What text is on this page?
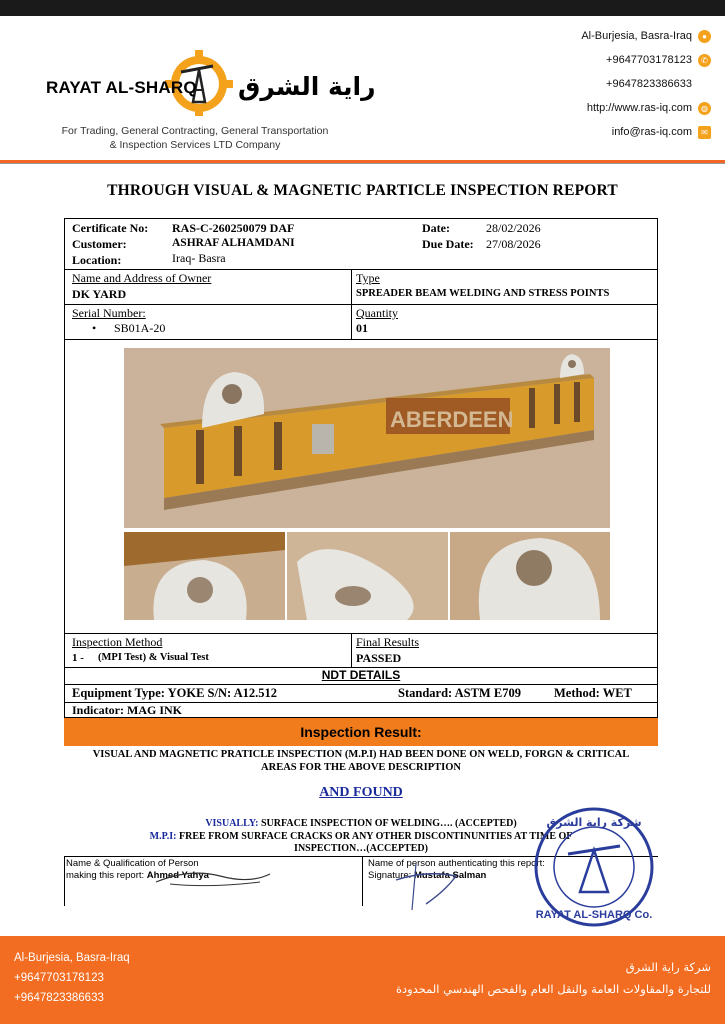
RAYAT AL-SHARQ راية الشرق
For Trading, General Contracting, General Transportation
& Inspection Services LTD Company
Al-Burjesia, Basra-Iraq	●
+9647703178123	✆
+9647823386633
http://www.ras-iq.com	◍
info@ras-iq.com	✉
THROUGH VISUAL & MAGNETIC PARTICLE INSPECTION REPORT
Certificate No: RAS-C-260250079 DAF
Customer:	ASHRAF ALHAMDANI
Location:	Iraq- Basra
Date:	28/02/2026
Due Date: 27/08/2026
Name and Address of Owner
DK YARD
Type
SPREADER BEAM WELDING AND STRESS POINTS
Serial Number:
• SB01A-20
Quantity
01
ABERDEEN
Inspection Method
1 - (MPI Test) & Visual Test
Final Results
PASSED
NDT DETAILS
Equipment Type: YOKE S/N: A12.512	Standard: ASTM E709	Method: WET
Indicator: MAG INK
Inspection Result:
VISUAL AND MAGNETIC PRATICLE INSPECTION (M.P.I) HAD BEEN DONE ON WELD, FORGN & CRITICAL
AREAS FOR THE ABOVE DESCRIPTION
AND FOUND
VISUALLY: SURFACE INSPECTION OF WELDING…. (ACCEPTED)
M.P.I: FREE FROM SURFACE CRACKS OR ANY OTHER DISCONTINUNITIES AT TIME OF
INSPECTION…(ACCEPTED)
Name & Qualification of Person
making this report: Ahmed Yahya
Name of person authenticating this report:
Signature: Mustafa Salman
شركة راية الشرق
RAYAT AL-SHARQ Co.
Al-Burjesia, Basra-Iraq
+9647703178123
+9647823386633
شركة راية الشرق
للتجارة والمقاولات العامة والنقل العام والفحص الهندسي المحدودة
